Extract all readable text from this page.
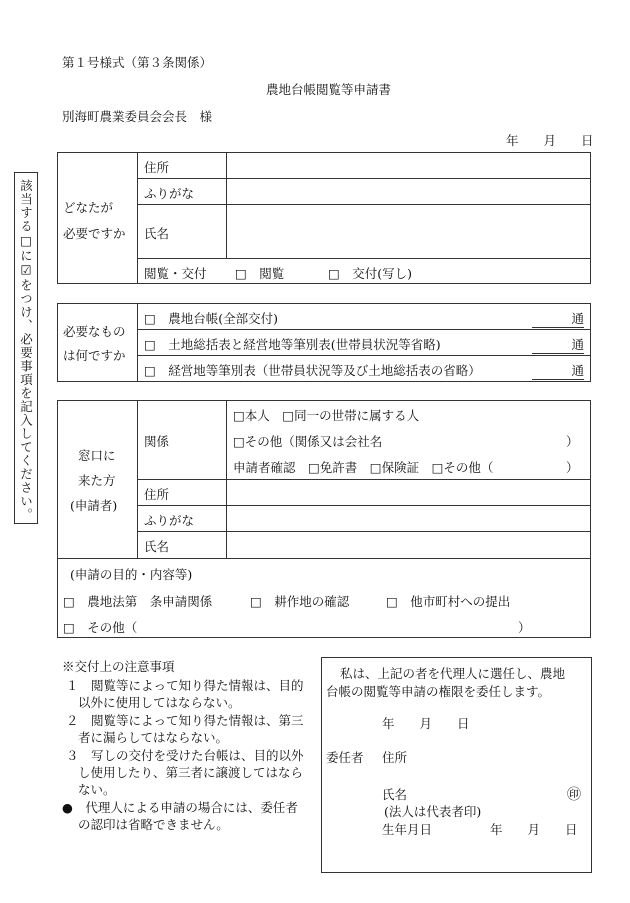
第１号様式（第３条関係）
農地台帳閲覧等申請書
別海町農業委員会会長　様
年　　月　　日
該当する□に☑をつけ、必要事項を記入してください。 どなたが
必要ですか
住所
ふりがな
氏名
閲覧・交付 □　閲覧	□　交付(写し)
必要なもの
は何ですか
□　農地台帳(全部交付)	通
□　土地総括表と経営地等筆別表(世帯員状況等省略)	通
□　経営地等筆別表（世帯員状況等及び土地総括表の省略）	通
窓口に
来た方
(申請者)
関係
□本人　□同一の世帯に属する人
□その他（関係又は会社名	）
申請者確認　□免許書　□保険証　□その他（	）
住所
ふりがな
氏名
(申請の目的・内容等)
□　農地法第　条申請関係	□　耕作地の確認	□　他市町村への提出
□　その他（	）
※交付上の注意事項
１　閲覧等によって知り得た情報は、目的
以外に使用してはならない。
２　閲覧等によって知り得た情報は、第三
者に漏らしてはならない。
３　写しの交付を受けた台帳は、目的以外
し使用したり、第三者に譲渡してはなら
ない。
●　代理人による申請の場合には、委任者
の認印は省略できません。
私は、上記の者を代理人に選任し、農地
台帳の閲覧等申請の権限を委任します。
年　　月　　日
委任者 住所
氏名	㊞
(法人は代表者印)
生年月日	年　　月　　日
